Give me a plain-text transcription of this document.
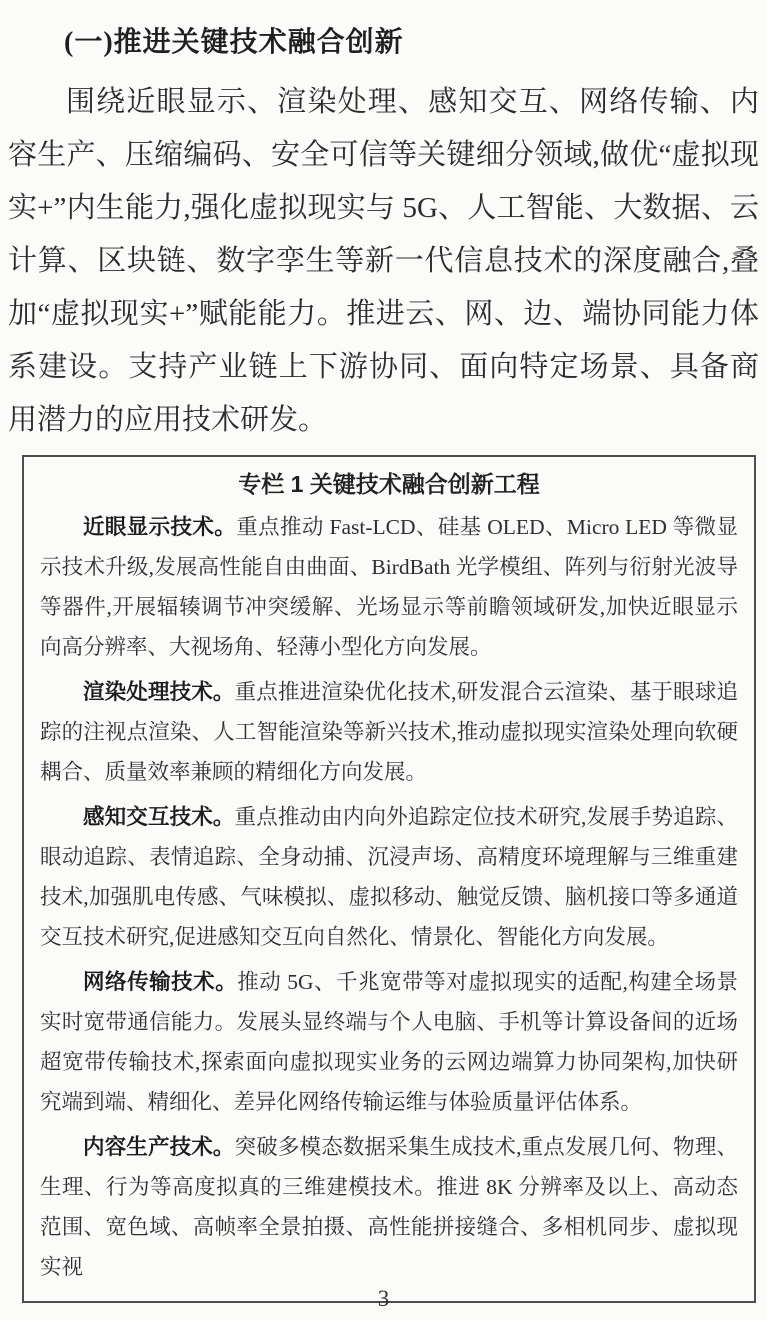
(一)推进关键技术融合创新

围绕近眼显示、渲染处理、感知交互、网络传输、内容生产、压缩编码、安全可信等关键细分领域,做优“虚拟现实+”内生能力,强化虚拟现实与 5G、人工智能、大数据、云计算、区块链、数字孪生等新一代信息技术的深度融合,叠加“虚拟现实+”赋能能力。推进云、网、边、端协同能力体系建设。支持产业链上下游协同、面向特定场景、具备商用潜力的应用技术研发。

专栏 1 关键技术融合创新工程

近眼显示技术。重点推动 Fast-LCD、硅基 OLED、Micro LED 等微显示技术升级,发展高性能自由曲面、BirdBath 光学模组、阵列与衍射光波导等器件,开展辐辏调节冲突缓解、光场显示等前瞻领域研发,加快近眼显示向高分辨率、大视场角、轻薄小型化方向发展。

渲染处理技术。重点推进渲染优化技术,研发混合云渲染、基于眼球追踪的注视点渲染、人工智能渲染等新兴技术,推动虚拟现实渲染处理向软硬耦合、质量效率兼顾的精细化方向发展。

感知交互技术。重点推动由内向外追踪定位技术研究,发展手势追踪、眼动追踪、表情追踪、全身动捕、沉浸声场、高精度环境理解与三维重建技术,加强肌电传感、气味模拟、虚拟移动、触觉反馈、脑机接口等多通道交互技术研究,促进感知交互向自然化、情景化、智能化方向发展。

网络传输技术。推动 5G、千兆宽带等对虚拟现实的适配,构建全场景实时宽带通信能力。发展头显终端与个人电脑、手机等计算设备间的近场超宽带传输技术,探索面向虚拟现实业务的云网边端算力协同架构,加快研究端到端、精细化、差异化网络传输运维与体验质量评估体系。

内容生产技术。突破多模态数据采集生成技术,重点发展几何、物理、生理、行为等高度拟真的三维建模技术。推进 8K 分辨率及以上、高动态范围、宽色域、高帧率全景拍摄、高性能拼接缝合、多相机同步、虚拟现实视

3
